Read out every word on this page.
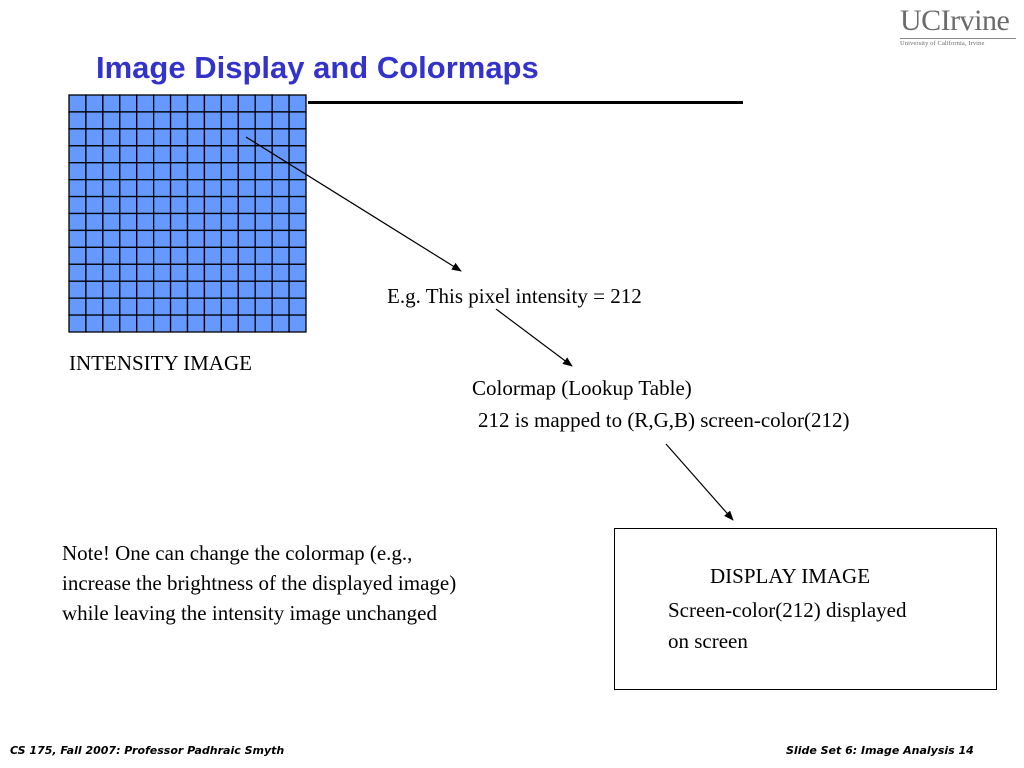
Image Display and Colormaps
UCIrvine
University of California, Irvine
E.g. This pixel intensity = 212
INTENSITY IMAGE
Colormap (Lookup Table)
212 is mapped to (R,G,B) screen-color(212)
Note! One can change the colormap (e.g.,
increase the brightness of the displayed image)
while leaving the intensity image unchanged
DISPLAY IMAGE
Screen-color(212) displayed
on screen
CS 175, Fall 2007: Professor Padhraic Smyth	Slide Set 6: Image Analysis 14
